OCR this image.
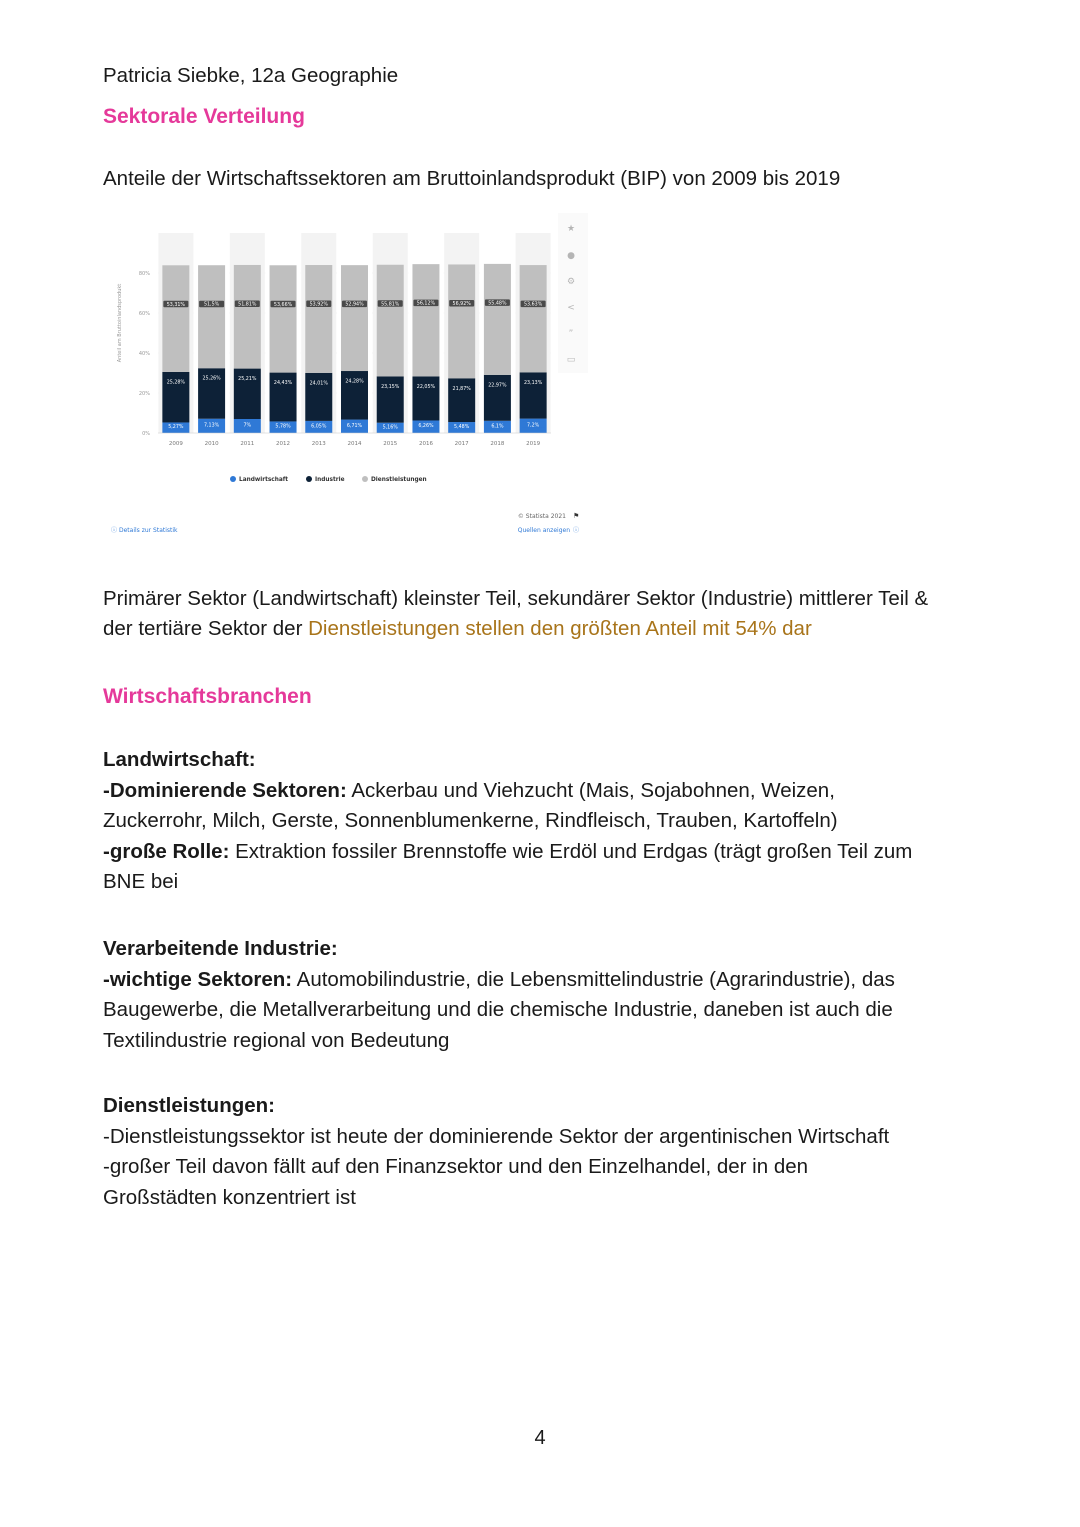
Patricia Siebke, 12a Geographie
Sektorale Verteilung
Anteile der Wirtschaftssektoren am Bruttoinlandsprodukt (BIP) von 2009 bis 2019
Primärer Sektor (Landwirtschaft) kleinster Teil, sekundärer Sektor (Industrie) mittlerer Teil &
der tertiäre Sektor der Dienstleistungen stellen den größten Anteil mit 54% dar
Wirtschaftsbranchen
Landwirtschaft:
-Dominierende Sektoren: Ackerbau und Viehzucht (Mais, Sojabohnen, Weizen,
Zuckerrohr, Milch, Gerste, Sonnenblumenkerne, Rindfleisch, Trauben, Kartoffeln)
-große Rolle: Extraktion fossiler Brennstoffe wie Erdöl und Erdgas (trägt großen Teil zum
BNE bei
Verarbeitende Industrie:
-wichtige Sektoren: Automobilindustrie, die Lebensmittelindustrie (Agrarindustrie), das
Baugewerbe, die Metallverarbeitung und die chemische Industrie, daneben ist auch die
Textilindustrie regional von Bedeutung
Dienstleistungen:
-Dienstleistungssektor ist heute der dominierende Sektor der argentinischen Wirtschaft
-großer Teil davon fällt auf den Finanzsektor und den Einzelhandel, der in den
Großstädten konzentriert ist
★
●
⚙
<
”
▭
Anteil am Bruttoinlandsprodukt
0%
20%
40%
60%
80%
5,27%
25,28%
53,31%
7,13%
25,26%
51,5%
7%
25,21%
51,81%
5,78%
24,43%
53,66%
6,05%
24,01%
53,92%
6,71%
24,28%
52,94%
5,16%
23,15%
55,81%
6,26%
22,05%
56,12%
5,48%
21,87%
56,92%
6,1%
22,97%
55,48%
7,2%
23,13%
53,63%
2009	2010	2011	2012	2013	2014	2015	2016	2017	2018	2019
Landwirtschaft	Industrie	Dienstleistungen
© Statista 2021 ⚑
ⓘ Details zur Statistik	Quellen anzeigen ⓘ
4
